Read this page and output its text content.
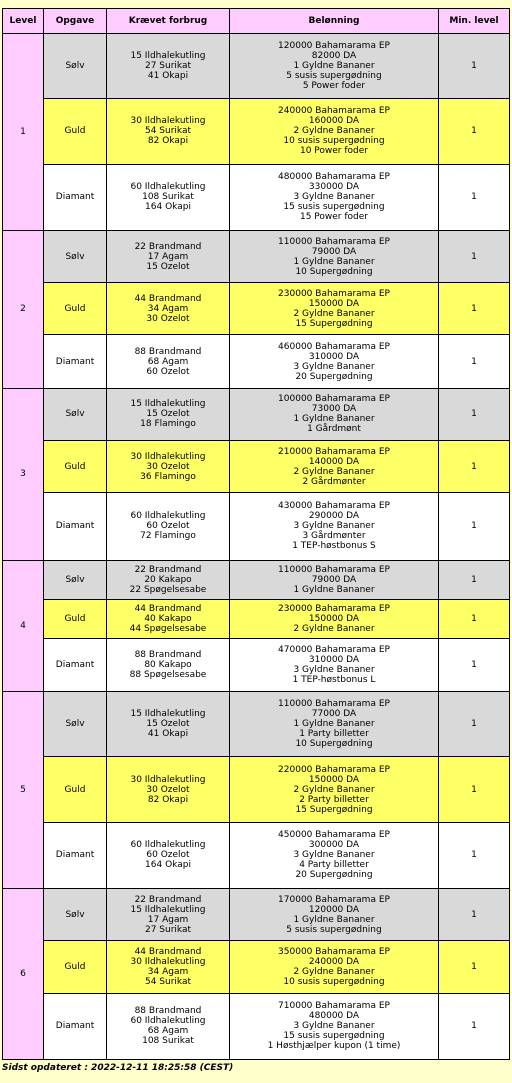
Level	Opgave	Krævet forbrug	Belønning	Min. level
1	Sølv	15 Ildhalekutling
27 Surikat
41 Okapi	120000 Bahamarama EP
82000 DA
1 Gyldne Bananer
5 susis supergødning
5 Power foder	1
	Guld	30 Ildhalekutling
54 Surikat
82 Okapi	240000 Bahamarama EP
160000 DA
2 Gyldne Bananer
10 susis supergødning
10 Power foder	1
	Diamant	60 Ildhalekutling
108 Surikat
164 Okapi	480000 Bahamarama EP
330000 DA
3 Gyldne Bananer
15 susis supergødning
15 Power foder	1
2	Sølv	22 Brandmand
17 Agam
15 Ozelot	110000 Bahamarama EP
79000 DA
1 Gyldne Bananer
10 Supergødning	1
	Guld	44 Brandmand
34 Agam
30 Ozelot	230000 Bahamarama EP
150000 DA
2 Gyldne Bananer
15 Supergødning	1
	Diamant	88 Brandmand
68 Agam
60 Ozelot	460000 Bahamarama EP
310000 DA
3 Gyldne Bananer
20 Supergødning	1
3	Sølv	15 Ildhalekutling
15 Ozelot
18 Flamingo	100000 Bahamarama EP
73000 DA
1 Gyldne Bananer
1 Gårdmønt	1
	Guld	30 Ildhalekutling
30 Ozelot
36 Flamingo	210000 Bahamarama EP
140000 DA
2 Gyldne Bananer
2 Gårdmønter	1
	Diamant	60 Ildhalekutling
60 Ozelot
72 Flamingo	430000 Bahamarama EP
290000 DA
3 Gyldne Bananer
3 Gårdmønter
1 TEP-høstbonus S	1
4	Sølv	22 Brandmand
20 Kakapo
22 Spøgelsesabe	110000 Bahamarama EP
79000 DA
1 Gyldne Bananer	1
	Guld	44 Brandmand
40 Kakapo
44 Spøgelsesabe	230000 Bahamarama EP
150000 DA
2 Gyldne Bananer	1
	Diamant	88 Brandmand
80 Kakapo
88 Spøgelsesabe	470000 Bahamarama EP
310000 DA
3 Gyldne Bananer
1 TEP-høstbonus L	1
5	Sølv	15 Ildhalekutling
15 Ozelot
41 Okapi	110000 Bahamarama EP
77000 DA
1 Gyldne Bananer
1 Party billetter
10 Supergødning	1
	Guld	30 Ildhalekutling
30 Ozelot
82 Okapi	220000 Bahamarama EP
150000 DA
2 Gyldne Bananer
2 Party billetter
15 Supergødning	1
	Diamant	60 Ildhalekutling
60 Ozelot
164 Okapi	450000 Bahamarama EP
300000 DA
3 Gyldne Bananer
4 Party billetter
20 Supergødning	1
6	Sølv	22 Brandmand
15 Ildhalekutling
17 Agam
27 Surikat	170000 Bahamarama EP
120000 DA
1 Gyldne Bananer
5 susis supergødning	1
	Guld	44 Brandmand
30 Ildhalekutling
34 Agam
54 Surikat	350000 Bahamarama EP
240000 DA
2 Gyldne Bananer
10 susis supergødning	1
	Diamant	88 Brandmand
60 Ildhalekutling
68 Agam
108 Surikat	710000 Bahamarama EP
480000 DA
3 Gyldne Bananer
15 susis supergødning
1 Høsthjælper kupon (1 time)	1
Sidst opdateret : 2022-12-11 18:25:58 (CEST)
